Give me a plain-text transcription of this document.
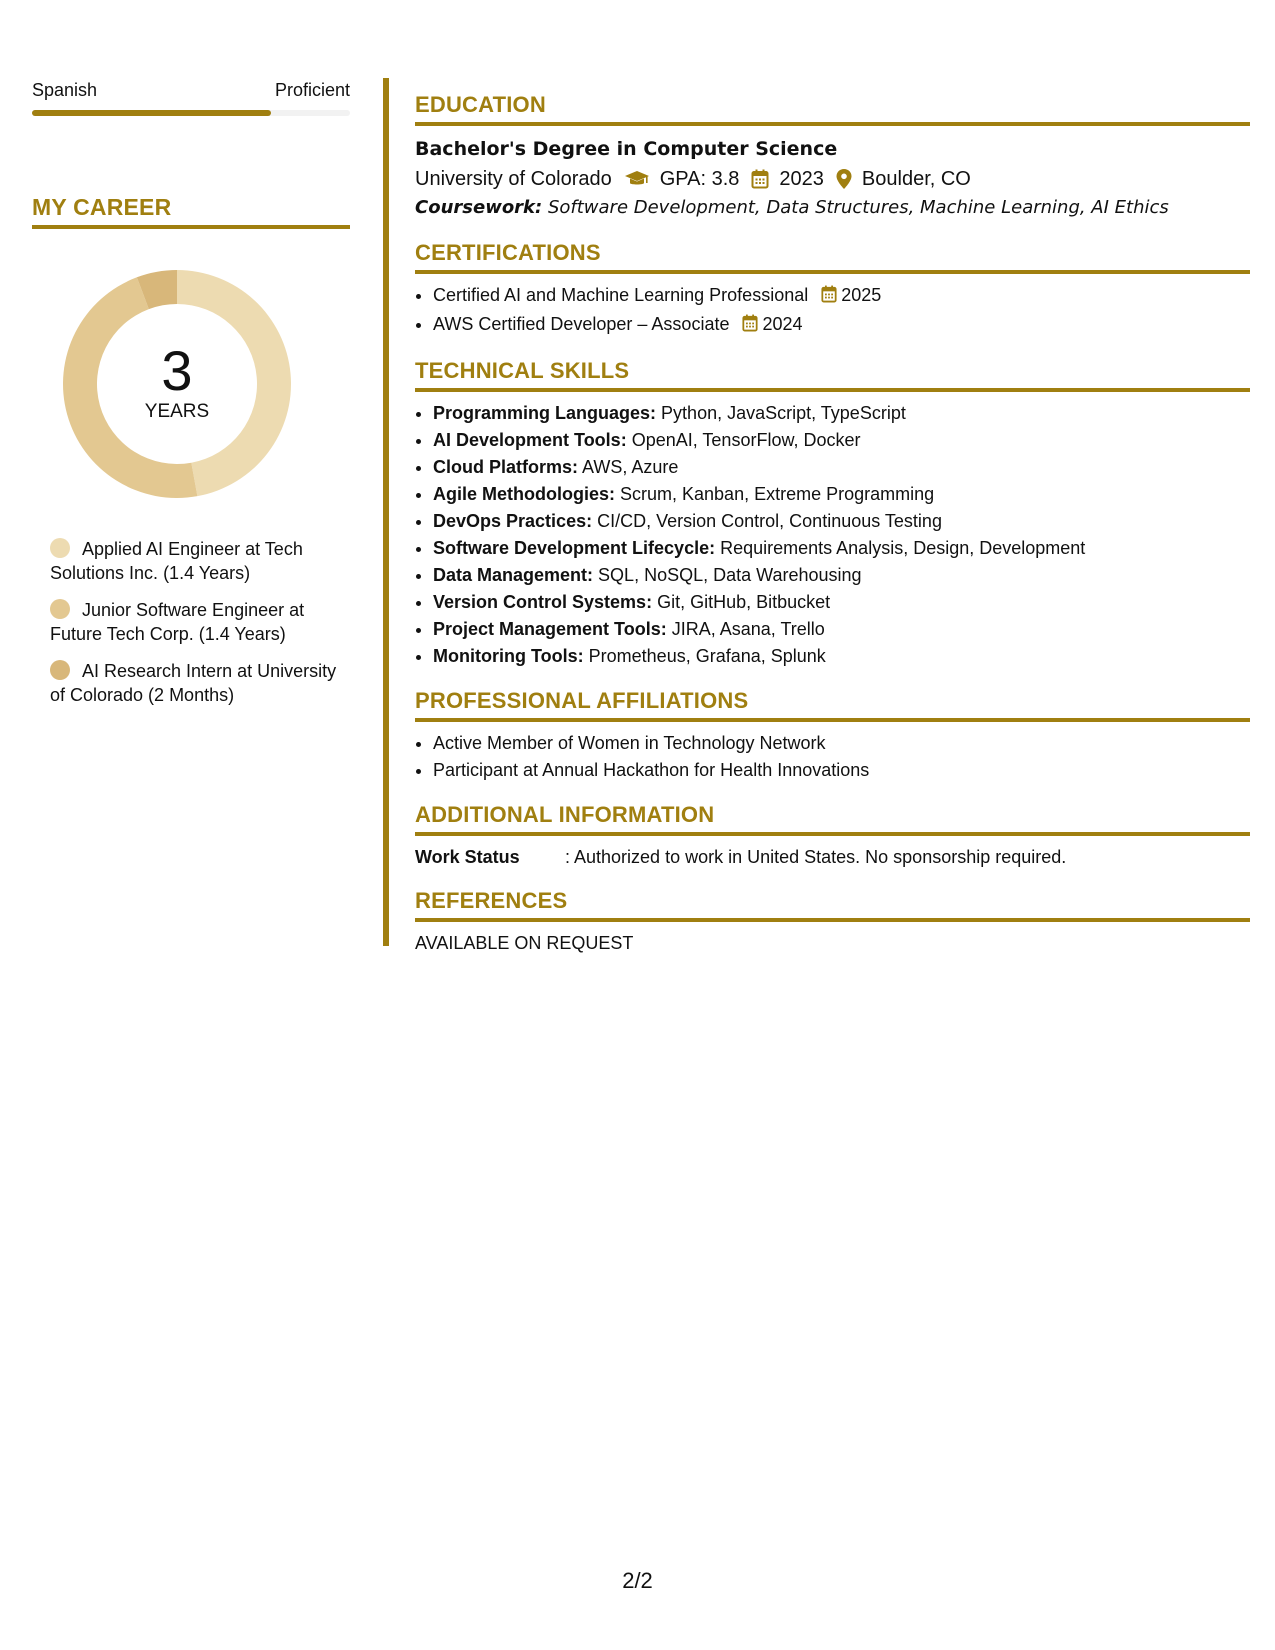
Spanish	Proficient
MY CAREER
3
YEARS
Applied AI Engineer at Tech Solutions Inc. (1.4 Years)
Junior Software Engineer at Future Tech Corp. (1.4 Years)
AI Research Intern at University of Colorado (2 Months)
EDUCATION
Bachelor's Degree in Computer Science
University of Colorado GPA: 3.8 2023 Boulder, CO
Coursework: Software Development, Data Structures, Machine Learning, AI Ethics
CERTIFICATIONS
• Certified AI and Machine Learning Professional 2025
• AWS Certified Developer – Associate 2024
TECHNICAL SKILLS
• Programming Languages: Python, JavaScript, TypeScript
• AI Development Tools: OpenAI, TensorFlow, Docker
• Cloud Platforms: AWS, Azure
• Agile Methodologies: Scrum, Kanban, Extreme Programming
• DevOps Practices: CI/CD, Version Control, Continuous Testing
• Software Development Lifecycle: Requirements Analysis, Design, Development
• Data Management: SQL, NoSQL, Data Warehousing
• Version Control Systems: Git, GitHub, Bitbucket
• Project Management Tools: JIRA, Asana, Trello
• Monitoring Tools: Prometheus, Grafana, Splunk
PROFESSIONAL AFFILIATIONS
• Active Member of Women in Technology Network
• Participant at Annual Hackathon for Health Innovations
ADDITIONAL INFORMATION
Work Status	: Authorized to work in United States. No sponsorship required.
REFERENCES
AVAILABLE ON REQUEST
2/2
